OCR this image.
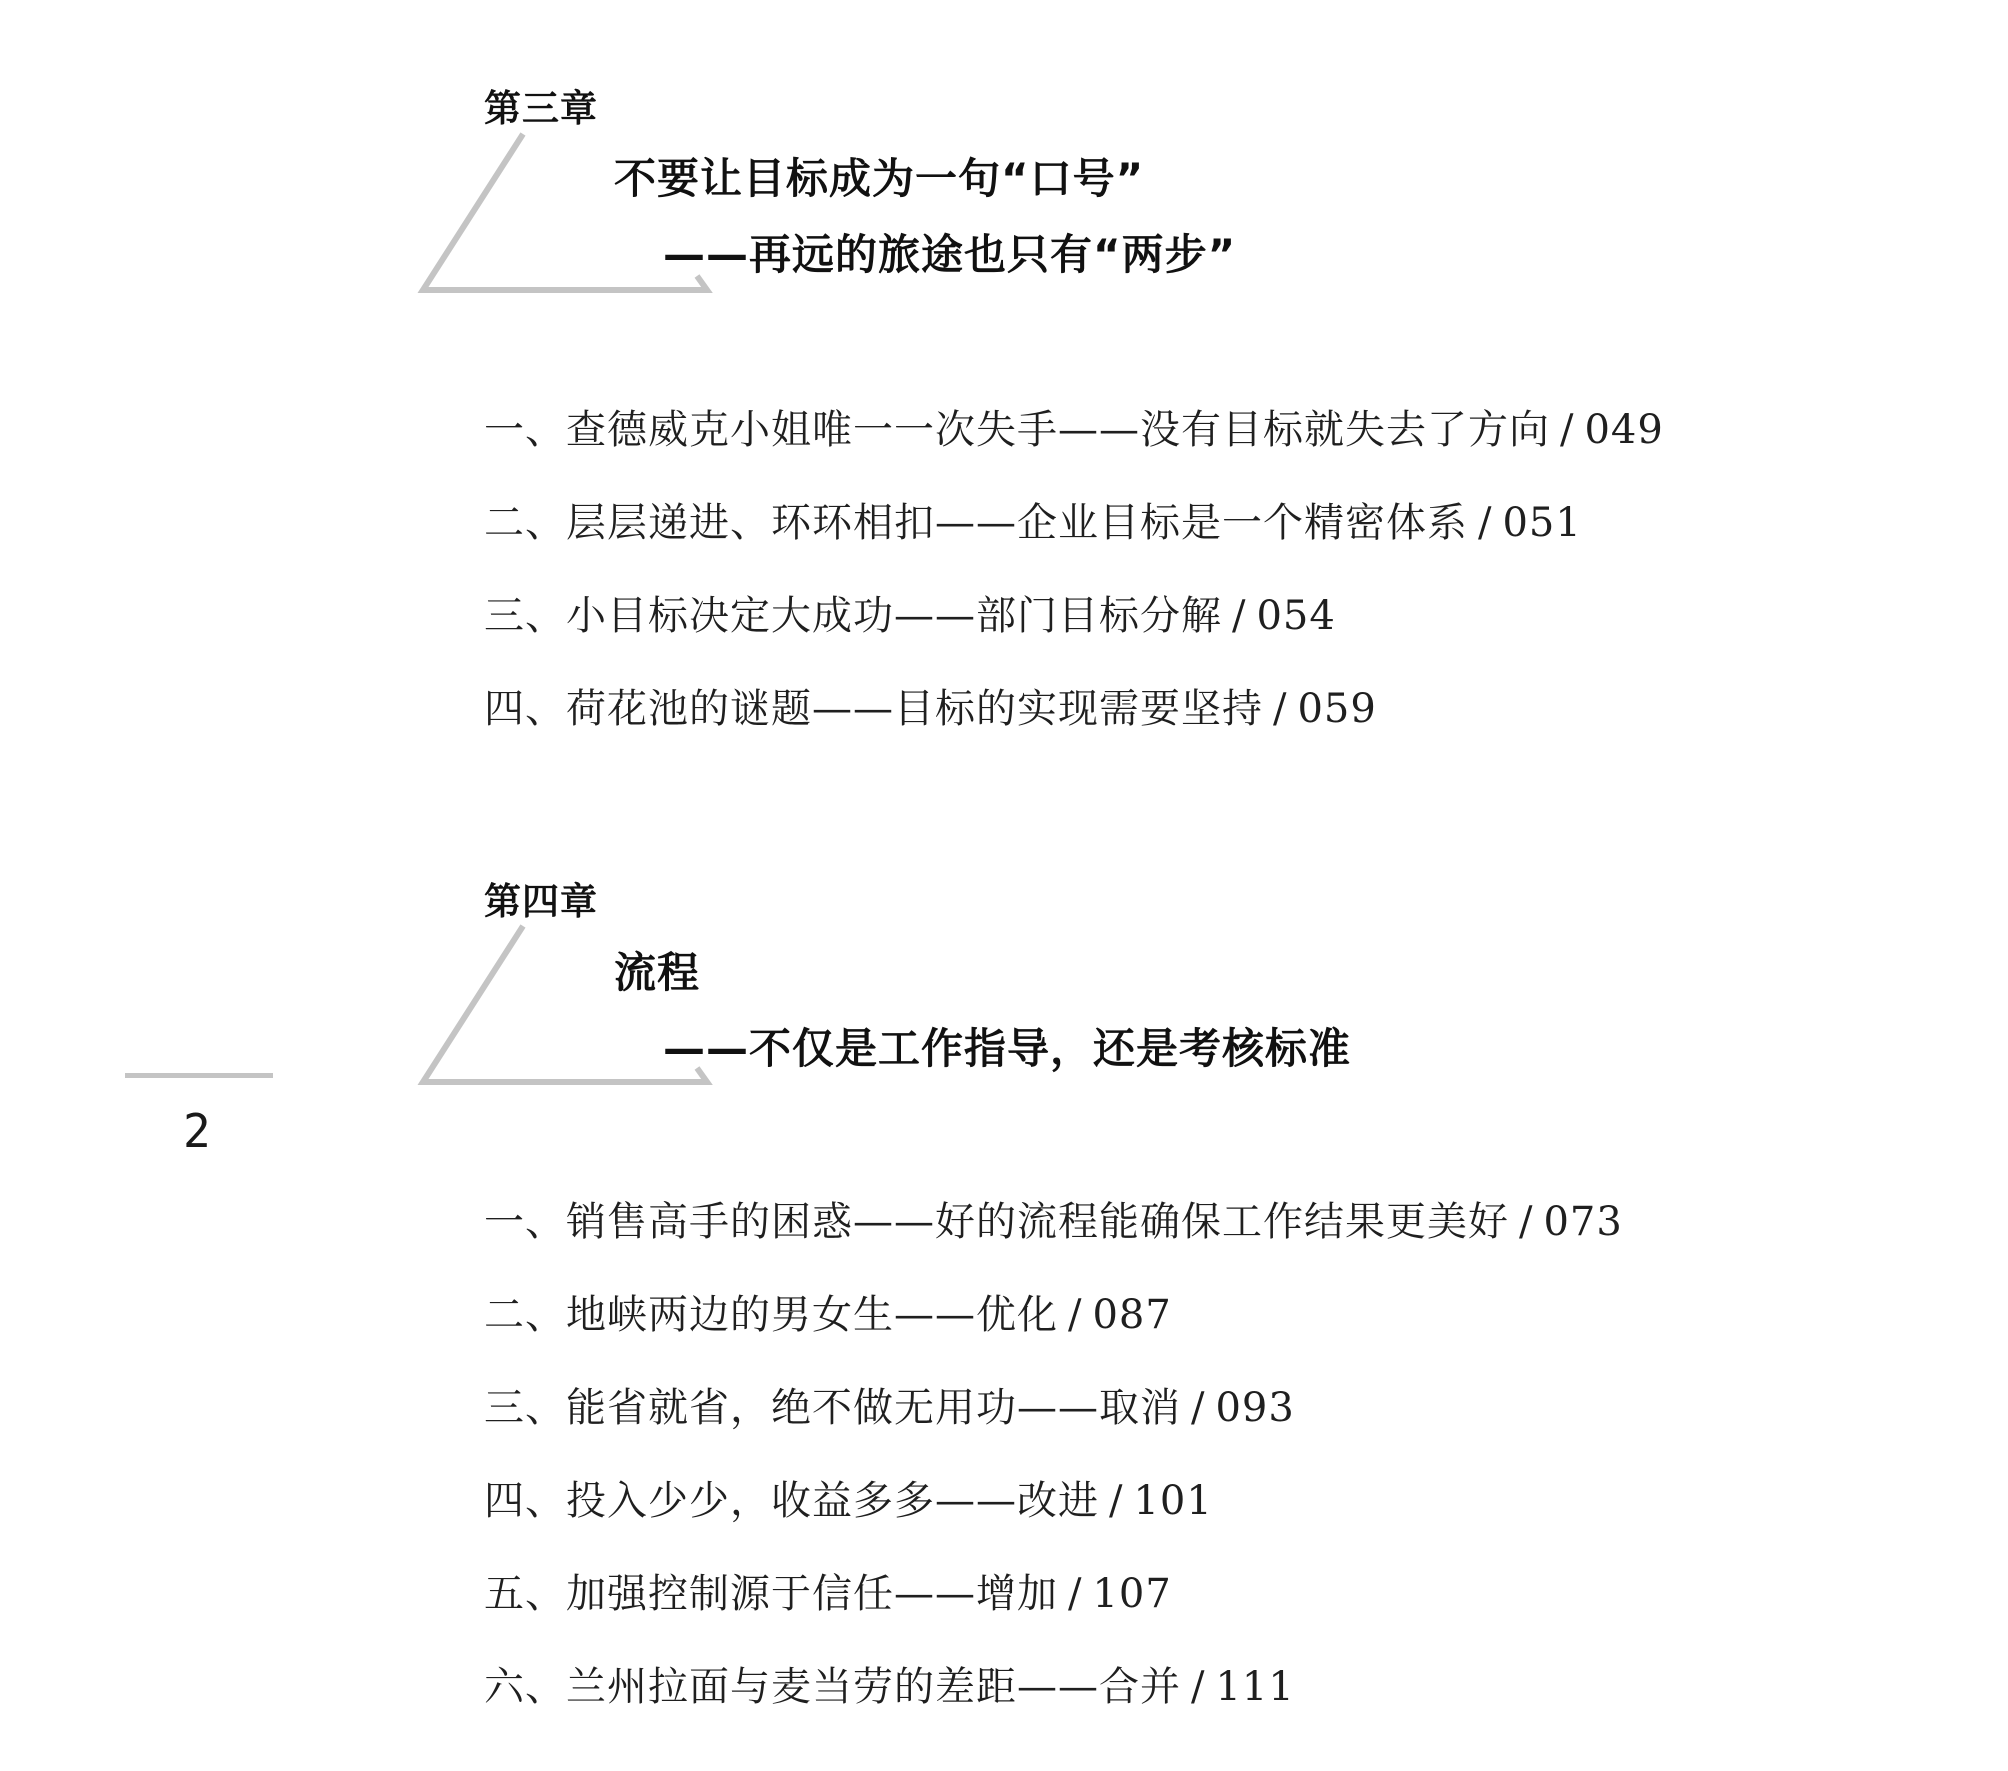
第三章
不要让目标成为一句“口号”
——再远的旅途也只有“两步”
一、查德威克小姐唯一一次失手——没有目标就失去了方向 / 049
二、层层递进、环环相扣——企业目标是一个精密体系 / 051
三、小目标决定大成功——部门目标分解 / 054
四、荷花池的谜题——目标的实现需要坚持 / 059
第四章
流程
——不仅是工作指导，还是考核标准
一、销售高手的困惑——好的流程能确保工作结果更美好 / 073
二、地峡两边的男女生——优化 / 087
三、能省就省，绝不做无用功——取消 / 093
四、投入少少，收益多多——改进 / 101
五、加强控制源于信任——增加 / 107
六、兰州拉面与麦当劳的差距——合并 / 111
2
